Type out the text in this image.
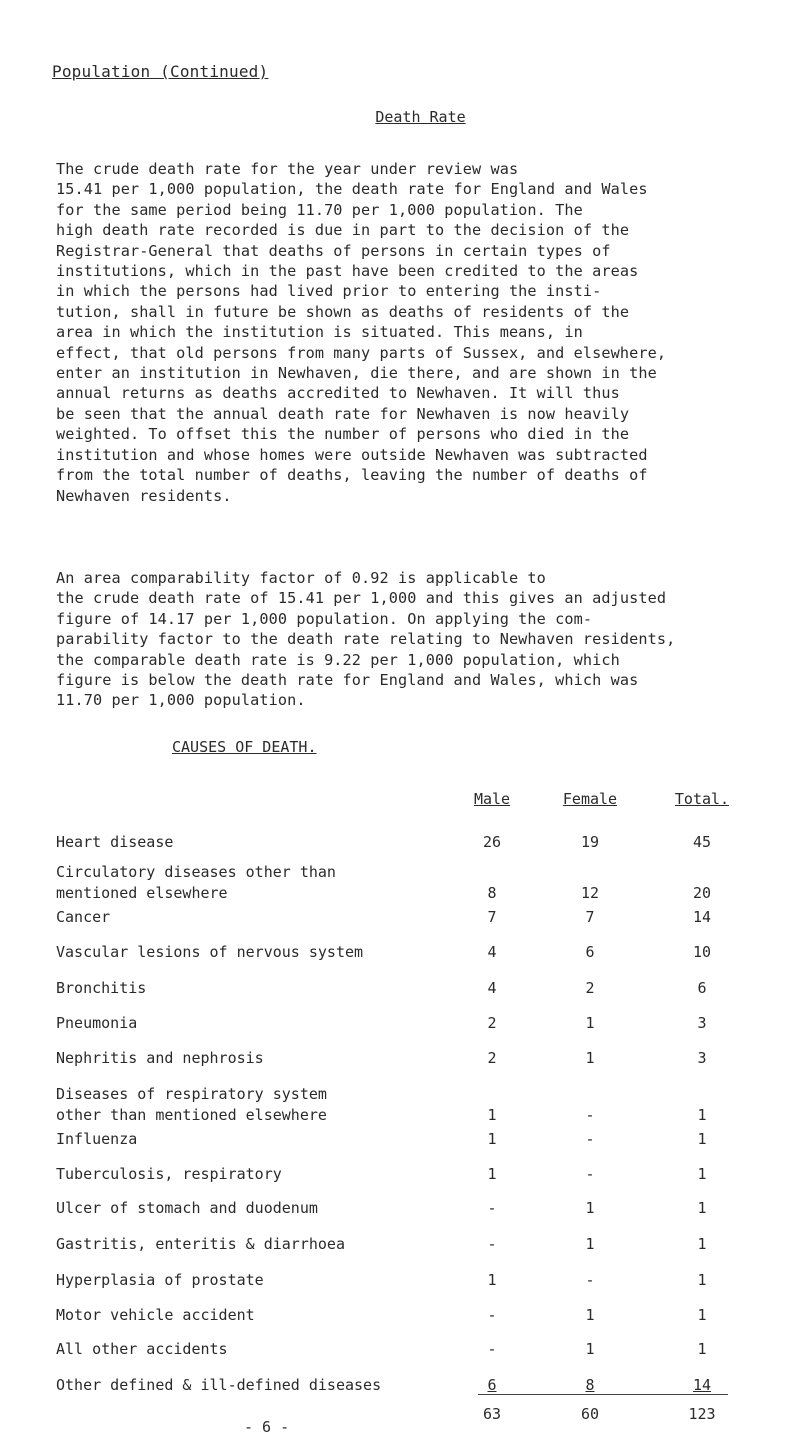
Population (Continued)
Death Rate

The crude death rate for the year under review was
15.41 per 1,000 population, the death rate for England and Wales
for the same period being 11.70 per 1,000 population. The
high death rate recorded is due in part to the decision of the
Registrar-General that deaths of persons in certain types of
institutions, which in the past have been credited to the areas
in which the persons had lived prior to entering the insti-
tution, shall in future be shown as deaths of residents of the
area in which the institution is situated. This means, in
effect, that old persons from many parts of Sussex, and elsewhere,
enter an institution in Newhaven, die there, and are shown in the
annual returns as deaths accredited to Newhaven. It will thus
be seen that the annual death rate for Newhaven is now heavily
weighted. To offset this the number of persons who died in the
institution and whose homes were outside Newhaven was subtracted
from the total number of deaths, leaving the number of deaths of
Newhaven residents.

An area comparability factor of 0.92 is applicable to
the crude death rate of 15.41 per 1,000 and this gives an adjusted
figure of 14.17 per 1,000 population. On applying the com-
parability factor to the death rate relating to Newhaven residents,
the comparable death rate is 9.22 per 1,000 population, which
figure is below the death rate for England and Wales, which was
11.70 per 1,000 population.

CAUSES OF DEATH.
Male	Female	Total.
Heart disease	26	19	45
Circulatory diseases other than
mentioned elsewhere	8	12	20
Cancer	7	7	14
Vascular lesions of nervous system	4	6	10
Bronchitis	4	2	6
Pneumonia	2	1	3
Nephritis and nephrosis	2	1	3
Diseases of respiratory system
other than mentioned elsewhere	1	-	1
Influenza	1	-	1
Tuberculosis, respiratory	1	-	1
Ulcer of stomach and duodenum	-	1	1
Gastritis, enteritis & diarrhoea	-	1	1
Hyperplasia of prostate	1	-	1
Motor vehicle accident	-	1	1
All other accidents	-	1	1
Other defined & ill-defined diseases	6	8	14
63	60	123
- 6 -
